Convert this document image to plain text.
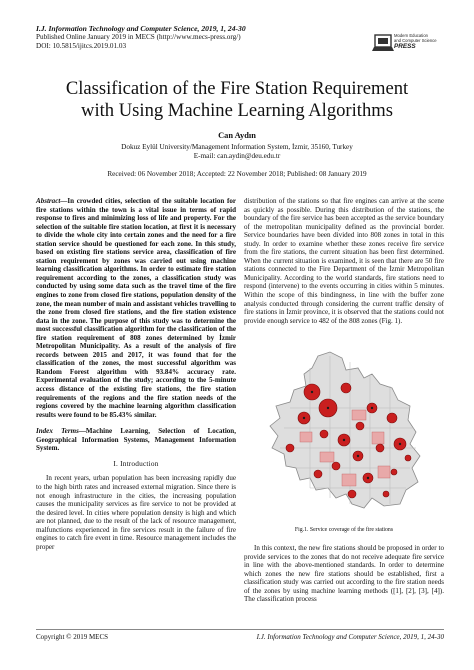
I.J. Information Technology and Computer Science, 2019, 1, 24-30
Published Online January 2019 in MECS (http://www.mecs-press.org/)
DOI: 10.5815/ijitcs.2019.01.03
Modern Education
and Computer Science
PRESS
Classification of the Fire Station Requirement
with Using Machine Learning Algorithms
Can Aydın
Dokuz Eylül University/Management Information System, İzmir, 35160, Turkey
E-mail: can.aydin@deu.edu.tr
Received: 06 November 2018; Accepted: 22 November 2018; Published: 08 January 2019

Abstract—In crowded cities, selection of the suitable location for fire stations within the town is a vital issue in terms of rapid response to fires and minimizing loss of life and property. For the selection of the suitable fire station location, at first it is necessary to divide the whole city into certain zones and the need for a fire station service should be questioned for each zone. In this study, based on existing fire stations service area, classification of fire station requirement by zones was carried out using machine learning classification algorithms. In order to estimate fire station requirement according to the zones, a classification study was conducted by using some data such as the travel time of the fire engines to zone from closed fire stations, population density of the zone, the mean number of main and assistant vehicles travelling to the zone from closed fire stations, and the fire station existence data in the zone. The purpose of this study was to determine the most successful classification algorithm for the classification of the fire station requirement of 808 zones determined by İzmir Metropolitan Municipality. As a result of the analysis of fire records between 2015 and 2017, it was found that for the classification of the zones, the most successful algorithm was Random Forest algorithm with 93.84% accuracy rate. Experimental evaluation of the study; according to the 5-minute access distance of the existing fire stations, the fire station requirements of the regions and the fire station needs of the regions covered by the machine learning algorithm classification results were found to be 85.43% similar.

Index Terms—Machine Learning, Selection of Location, Geographical Information Systems, Management Information System.

I. Introduction

In recent years, urban population has been increasing rapidly due to the high birth rates and increased external migration. Since there is not enough infrastructure in the cities, the increasing population causes the municipality services as fire service to not be provided at the desired level. In cities where population density is high and which are not planned, due to the result of the lack of resource management, malfunctions experienced in fire services result in the failure of fire engines to catch fire event in time. Resource management includes the proper

distribution of the stations so that fire engines can arrive at the scene as quickly as possible. During this distribution of the stations, the boundary of the fire service has been accepted as the service boundary of the metropolitan municipality defined as the provincial border. Service boundaries have been divided into 808 zones in total in this study. In order to examine whether these zones receive fire service from the fire stations, the current situation has been first determined. When the current situation is examined, it is seen that there are 50 fire stations connected to the Fire Department of the İzmir Metropolitan Municipality. According to the world standards, fire stations need to respond (intervene) to the events occurring in cities within 5 minutes. Within the scope of this bindingness, in line with the buffer zone analysis conducted through considering the current traffic density of fire stations in İzmir province, it is observed that the stations could not provide enough service to 482 of the 808 zones (Fig. 1).

Fig.1. Service coverage of the fire stations

In this context, the new fire stations should be proposed in order to provide services to the zones that do not receive adequate fire service in line with the above-mentioned standards. In order to determine which zones the new fire stations should be established, first a classification study was carried out according to the fire station needs of the zones by using machine learning methods ([1], [2], [3], [4]). The classification process

Copyright © 2019 MECS	I.J. Information Technology and Computer Science, 2019, 1, 24-30
